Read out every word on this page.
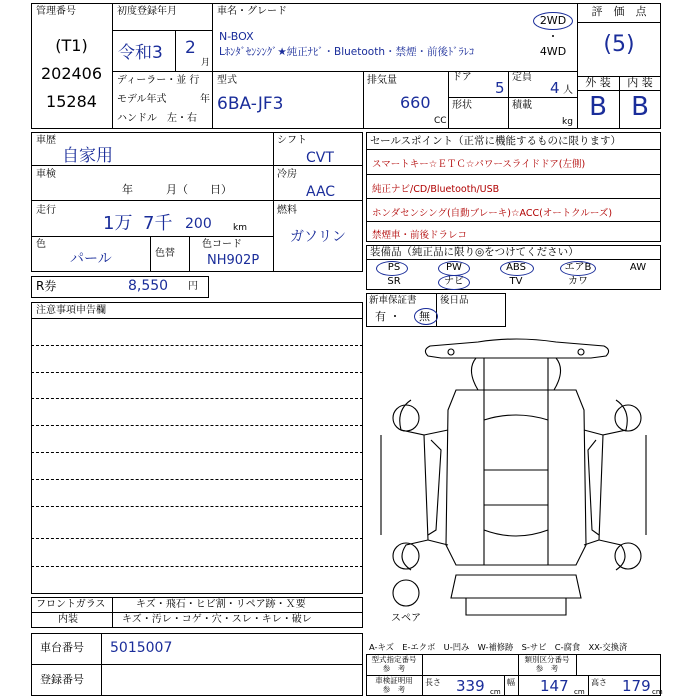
管理番号
(T1)
202406
15284
初度登録年月
令和3 2
月
車名・グレード
N-BOX
Lﾎﾝﾀﾞｾﾝｼﾝｸﾞ★純正ﾅﾋﾞ・Bluetooth・禁煙・前後ﾄﾞﾗﾚｺ
2WD
・
4WD
評　価　点
(5)
ディーラー・並 行
モデル年式	年
ハンドル　左・右
型式
6BA-JF3
排気量
660
CC
ドア
5
定員
4 人
形状	積載
kg
外 装	内 装
B B
車歴
自家用
車検
年　　　月（　　日）
走行
1万 7千 200 km
色
パール	色替
色コード
NH902P
シフト
CVT
冷房
AAC
燃料
ガソリン
R券	8,550 円
注意事項申告欄
セールスポイント（正常に機能するものに限ります）
スマートキー☆ＥＴＣ☆パワースライドドア(左側)
純正ナビ/CD/Bluetooth/USB
ホンダセンシング(自動ブレーキ)☆ACC(オートクルーズ)
禁煙車・前後ドラレコ
装備品（純正品に限り◎をつけてください）
PS	PW	ABS	エアB	AW
SR	ナビ	TV	カワ
新車保証書 後日品
有 ・ 無
スペア
フロントガラス	キズ・飛石・ヒビ割・リペア跡・Ｘ要
内装	キズ・汚レ・コゲ・穴・スレ・キレ・破レ
車台番号 5015007
登録番号
A-キズ　E-エクボ　U-凹み　W-補修跡　S-サビ　C-腐食　XX-交換済
型式指定番号
参　考
類別区分番号
参　考
車検証明用
参　考
長さ 339 cm
幅 147 cm
高さ 179 cm
